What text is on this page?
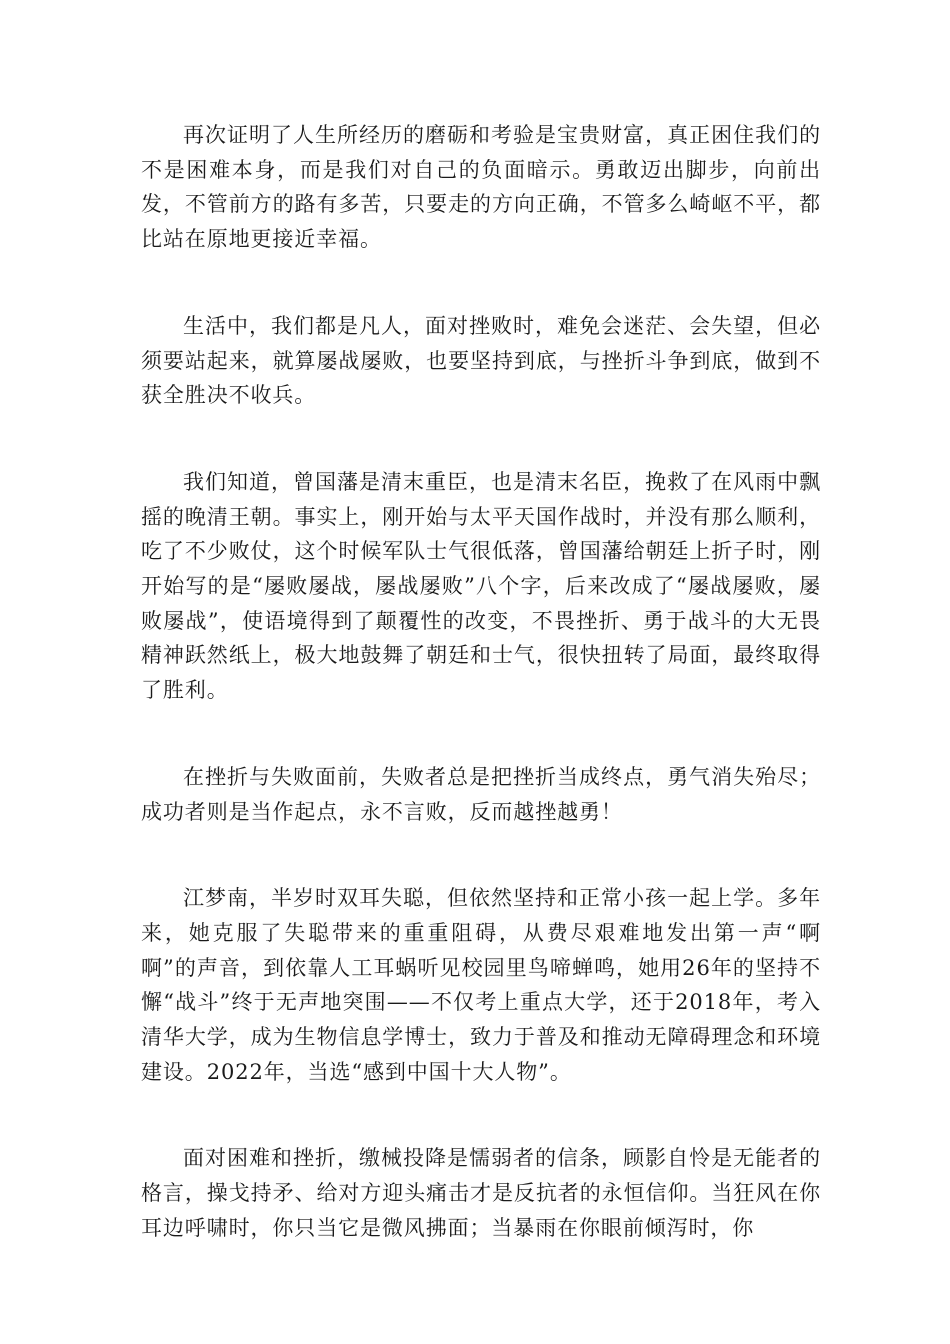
再次证明了人生所经历的磨砺和考验是宝贵财富，真正困住我们的不是困难本身，而是我们对自己的负面暗示。勇敢迈出脚步，向前出发，不管前方的路有多苦，只要走的方向正确，不管多么崎岖不平，都比站在原地更接近幸福。

生活中，我们都是凡人，面对挫败时，难免会迷茫、会失望，但必须要站起来，就算屡战屡败，也要坚持到底，与挫折斗争到底，做到不获全胜决不收兵。

我们知道，曾国藩是清末重臣，也是清末名臣，挽救了在风雨中飘摇的晚清王朝。事实上，刚开始与太平天国作战时，并没有那么顺利，吃了不少败仗，这个时候军队士气很低落，曾国藩给朝廷上折子时，刚开始写的是“屡败屡战，屡战屡败”八个字，后来改成了“屡战屡败，屡败屡战”，使语境得到了颠覆性的改变，不畏挫折、勇于战斗的大无畏精神跃然纸上，极大地鼓舞了朝廷和士气，很快扭转了局面，最终取得了胜利。

在挫折与失败面前，失败者总是把挫折当成终点，勇气消失殆尽；成功者则是当作起点，永不言败，反而越挫越勇！

江梦南，半岁时双耳失聪，但依然坚持和正常小孩一起上学。多年来，她克服了失聪带来的重重阻碍，从费尽艰难地发出第一声“啊啊”的声音，到依靠人工耳蜗听见校园里鸟啼蝉鸣，她用26年的坚持不懈“战斗”终于无声地突围——不仅考上重点大学，还于2018年，考入清华大学，成为生物信息学博士，致力于普及和推动无障碍理念和环境建设。2022年，当选“感到中国十大人物”。

面对困难和挫折，缴械投降是懦弱者的信条，顾影自怜是无能者的格言，操戈持矛、给对方迎头痛击才是反抗者的永恒信仰。当狂风在你耳边呼啸时，你只当它是微风拂面；当暴雨在你眼前倾泻时，你
